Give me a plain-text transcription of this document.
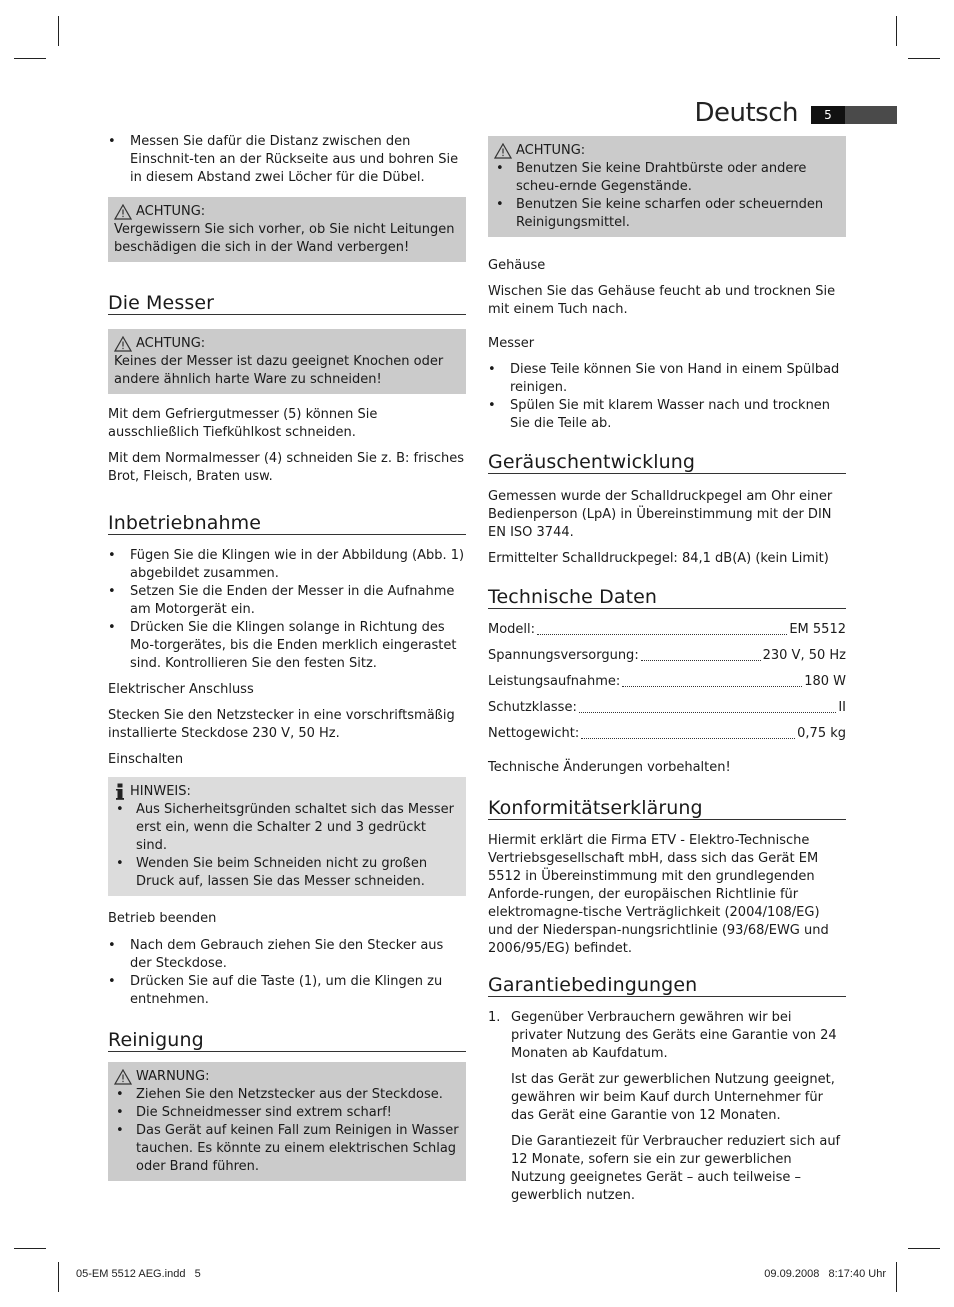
Deutsch	5
• Messen Sie dafür die Distanz zwischen den Einschnit-ten an der Rückseite aus und bohren Sie in diesem Abstand zwei Löcher für die Dübel.
ACHTUNG:
Vergewissern Sie sich vorher, ob Sie nicht Leitungen beschädigen die sich in der Wand verbergen!
Die Messer
ACHTUNG:
Keines der Messer ist dazu geeignet Knochen oder andere ähnlich harte Ware zu schneiden!

Mit dem Gefriergutmesser (5) können Sie ausschließlich Tiefkühlkost schneiden.

Mit dem Normalmesser (4) schneiden Sie z. B: frisches Brot, Fleisch, Braten usw.

Inbetriebnahme
• Fügen Sie die Klingen wie in der Abbildung (Abb. 1) abgebildet zusammen.
• Setzen Sie die Enden der Messer in die Aufnahme am Motorgerät ein.
• Drücken Sie die Klingen solange in Richtung des Mo-torgerätes, bis die Enden merklich eingerastet sind. Kontrollieren Sie den festen Sitz.
Elektrischer Anschluss

Stecken Sie den Netzstecker in eine vorschriftsmäßig installierte Steckdose 230 V, 50 Hz.

Einschalten
HINWEIS:
• Aus Sicherheitsgründen schaltet sich das Messer erst ein, wenn die Schalter 2 und 3 gedrückt sind.
• Wenden Sie beim Schneiden nicht zu großen Druck auf, lassen Sie das Messer schneiden.
Betrieb beenden
• Nach dem Gebrauch ziehen Sie den Stecker aus der Steckdose.
• Drücken Sie auf die Taste (1), um die Klingen zu entnehmen.
Reinigung
WARNUNG:
• Ziehen Sie den Netzstecker aus der Steckdose.
• Die Schneidmesser sind extrem scharf!
• Das Gerät auf keinen Fall zum Reinigen in Wasser tauchen. Es könnte zu einem elektrischen Schlag oder Brand führen.
ACHTUNG:
• Benutzen Sie keine Drahtbürste oder andere scheu-ernde Gegenstände.
• Benutzen Sie keine scharfen oder scheuernden Reinigungsmittel.
Gehäuse

Wischen Sie das Gehäuse feucht ab und trocknen Sie mit einem Tuch nach.

Messer
• Diese Teile können Sie von Hand in einem Spülbad reinigen.
• Spülen Sie mit klarem Wasser nach und trocknen Sie die Teile ab.
Geräuschentwicklung

Gemessen wurde der Schalldruckpegel am Ohr einer Bedienperson (LpA) in Übereinstimmung mit der DIN EN ISO 3744.

Ermittelter Schalldruckpegel: 84,1 dB(A) (kein Limit)

Technische Daten
Modell:	EM 5512
Spannungsversorgung:	230 V, 50 Hz
Leistungsaufnahme:	180 W
Schutzklasse:	II
Nettogewicht:	0,75 kg

Technische Änderungen vorbehalten!

Konformitätserklärung

Hiermit erklärt die Firma ETV - Elektro-Technische Vertriebsgesellschaft mbH, dass sich das Gerät EM 5512 in Übereinstimmung mit den grundlegenden Anforde-rungen, der europäischen Richtlinie für elektromagne-tische Verträglichkeit (2004/108/EG) und der Niederspan-nungsrichtlinie (93/68/EWG und 2006/95/EG) befindet.

Garantiebedingungen
1. Gegenüber Verbrauchern gewähren wir bei privater Nutzung des Geräts eine Garantie von 24 Monaten ab Kaufdatum.

Ist das Gerät zur gewerblichen Nutzung geeignet, gewähren wir beim Kauf durch Unternehmer für das Gerät eine Garantie von 12 Monaten.

Die Garantiezeit für Verbraucher reduziert sich auf 12 Monate, sofern sie ein zur gewerblichen Nutzung geeignetes Gerät – auch teilweise – gewerblich nutzen.

05-EM 5512 AEG.indd   5	09.09.2008   8:17:40 Uhr
